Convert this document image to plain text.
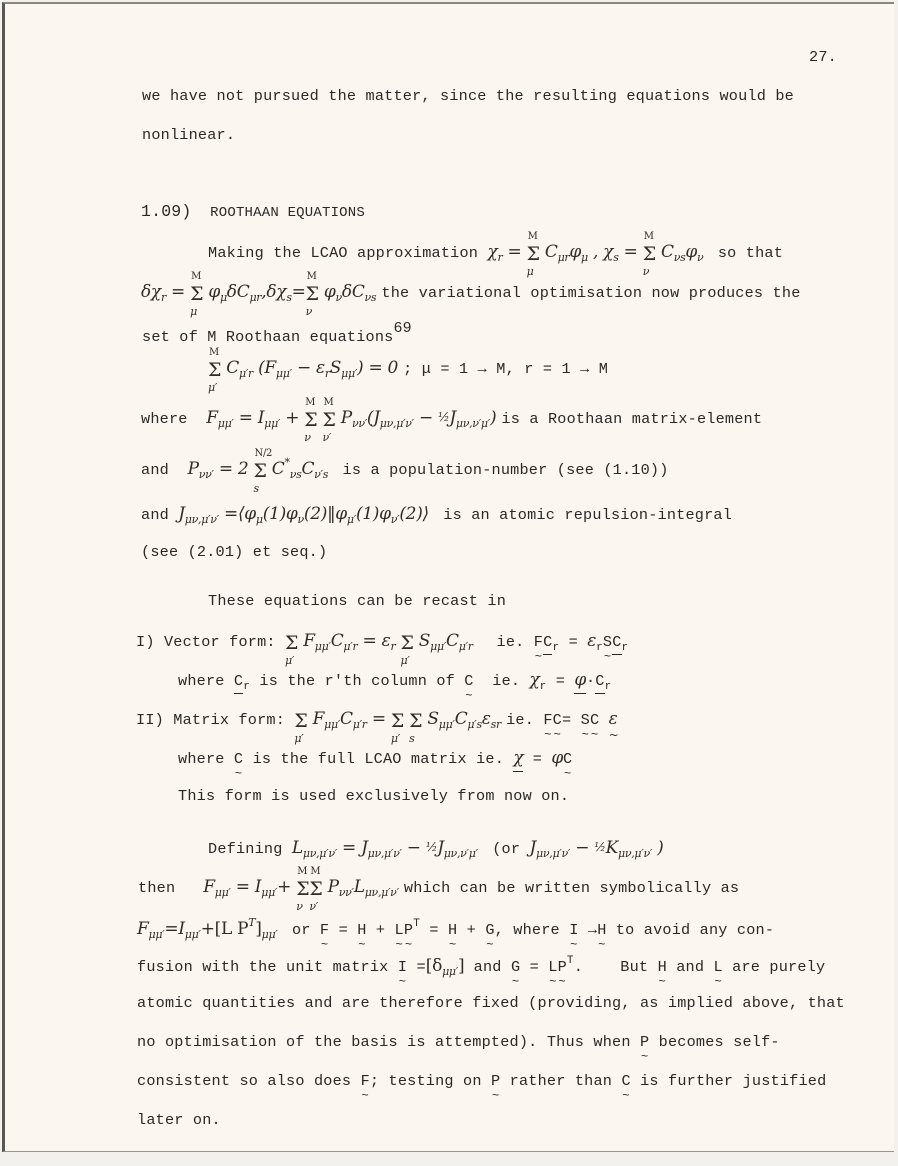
27.
we have not pursued the matter, since the resulting equations would be
nonlinear.
1.09) ROOTHAAN EQUATIONS
Making the LCAO approximation $\chi_r = \Sigma$
M
μ
$C_{\mu r}\varphi_\mu$ , $\chi_s = \Sigma$
M
ν
$C_{\nu s}\varphi_\nu$ so that
$\delta\chi_r = \Sigma$
M
μ
$\varphi_\mu\delta C_{\mu r},\delta\chi_s=\Sigma$
M
ν
$\varphi_\nu\delta C_{\nu s}$ the variational optimisation now produces the
set of M Roothaan equations69
Σ
M
μ′
$C_{\mu'r}$ $(F_{\mu\mu'} - \varepsilon_rS_{\mu\mu'}) = 0$ ; μ = 1 → M, r = 1 → M
where $F_{\mu\mu'} = I_{\mu\mu'} + \Sigma$
M
ν
Σ
M
ν′
$P_{\nu\nu'}(J_{\mu\nu,\mu'\nu'}$ − $\frac{1}{2}J_{\mu\nu,\nu'\mu'}$) is a Roothaan matrix-element
and $P_{\nu\nu'} = 2$ Σ
N/2
s
$C^*_{\nu s}C_{\nu's}$ is a population-number (see (1.10))
and $J_{\mu\nu,\mu'\nu'}$ $=⟨\varphi_\mu(1)\varphi_\nu(2)‖\varphi_{\mu'}(1)\varphi_{\nu'}(2)⟩$ is an atomic repulsion-integral
(see (2.01) et seq.)
These equations can be recast in
I) Vector form: Σ
μ′
$F_{\mu\mu'}C_{\mu'r} = \varepsilon_r$ Σ
μ′
$S_{\mu\mu'}C_{\mu'r}$ ie. F $\sim C_r = \varepsilon_rS$ $\sim C_r$
where $C_r$ is the r'th column of C ~ ie. $\chi_r = \varphi\cdot C_r$
II) Matrix form: Σ
μ′
$F_{\mu\mu'}C_{\mu'r} = \Sigma$
μ′
Σ
s
$S_{\mu\mu'}C_{\mu's}\varepsilon_{sr}$ ie. F ~C ~= S ~C ~ ε ~
where C ~ is the full LCAO matrix ie. χ = φC ~
This form is used exclusively from now on.
Defining $L_{\mu\nu,\mu'\nu'} = J_{\mu\nu,\mu'\nu'}$ − $\frac{1}{2}J_{\mu\nu,\nu'\mu'}$ (or $J_{\mu\nu,\mu'\nu'}$ − $\frac{1}{2}K_{\mu\nu,\mu'\nu'}$ )
then $F_{\mu\mu'} = I_{\mu\mu'}+ \Sigma$
M
ν
Σ
M
ν′
$P_{\nu\nu'}L_{\mu\nu,\mu'\nu'}$ which can be written symbolically as
$F_{\mu\mu'}=I_{\mu\mu'}+[L$ $P^T]_{\mu\mu'}$ or F ~ = H ~ + L ~P ~$^T$ = H ~ + G ~, where I ~ →H ~ to avoid any con-
fusion with the unit matrix I ~ $=[\delta_{\mu\mu'}]$ and G ~ = L ~P ~$^T$.    But H ~ and L ~ are purely
atomic quantities and are therefore fixed (providing, as implied above, that
no optimisation of the basis is attempted). Thus when P ~ becomes self-
consistent so also does F ~; testing on P ~ rather than C ~ is further justified
later on.
